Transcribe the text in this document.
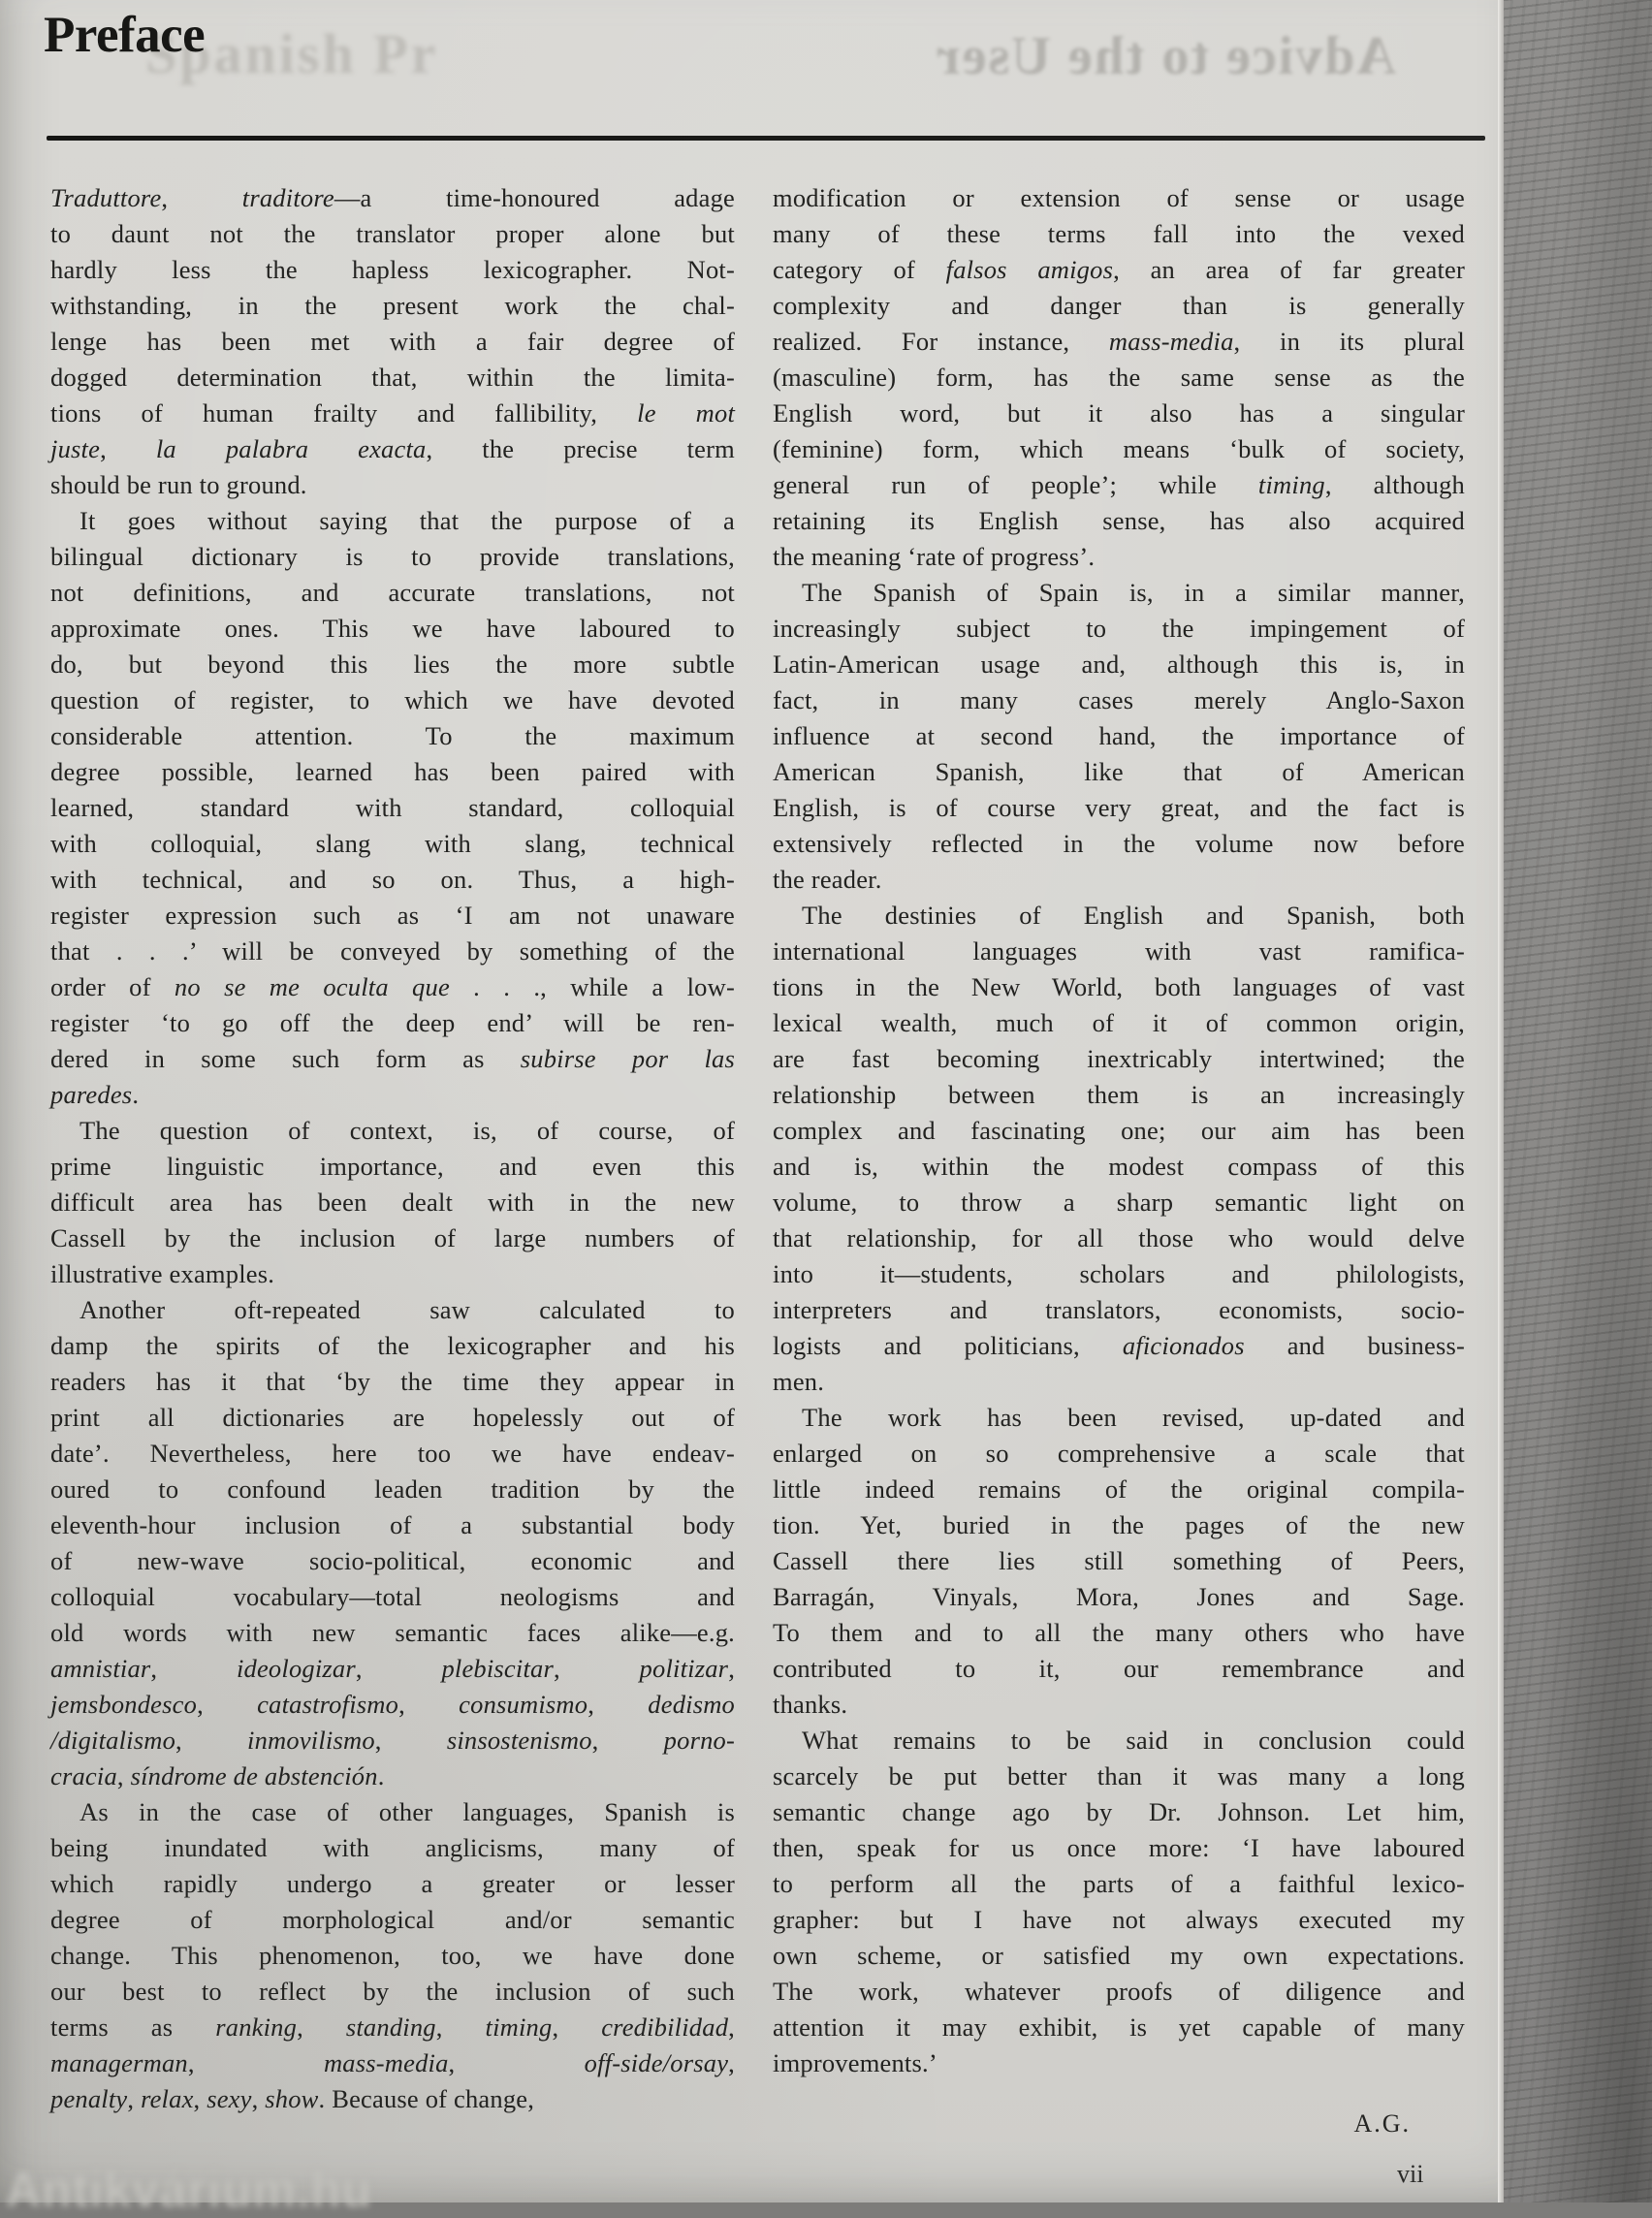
Spanish Pr	Advice to the User
Preface
Traduttore, traditore—a time-honoured adage
to daunt not the translator proper alone but
hardly less the hapless lexicographer. Not-
withstanding, in the present work the chal-
lenge has been met with a fair degree of
dogged determination that, within the limita-
tions of human frailty and fallibility, le mot
juste, la palabra exacta, the precise term
should be run to ground.
It goes without saying that the purpose of a
bilingual dictionary is to provide translations,
not definitions, and accurate translations, not
approximate ones. This we have laboured to
do, but beyond this lies the more subtle
question of register, to which we have devoted
considerable attention. To the maximum
degree possible, learned has been paired with
learned, standard with standard, colloquial
with colloquial, slang with slang, technical
with technical, and so on. Thus, a high-
register expression such as ‘I am not unaware
that . . .’ will be conveyed by something of the
order of no se me oculta que . . ., while a low-
register ‘to go off the deep end’ will be ren-
dered in some such form as subirse por las
paredes.
The question of context, is, of course, of
prime linguistic importance, and even this
difficult area has been dealt with in the new
Cassell by the inclusion of large numbers of
illustrative examples.
Another oft-repeated saw calculated to
damp the spirits of the lexicographer and his
readers has it that ‘by the time they appear in
print all dictionaries are hopelessly out of
date’. Nevertheless, here too we have endeav-
oured to confound leaden tradition by the
eleventh-hour inclusion of a substantial body
of new-wave socio-political, economic and
colloquial vocabulary—total neologisms and
old words with new semantic faces alike—e.g.
amnistiar, ideologizar, plebiscitar, politizar,
jemsbondesco, catastrofismo, consumismo, dedismo
/digitalismo, inmovilismo, sinsostenismo, porno-
cracia, síndrome de abstención.
As in the case of other languages, Spanish is
being inundated with anglicisms, many of
which rapidly undergo a greater or lesser
degree of morphological and/or semantic
change. This phenomenon, too, we have done
our best to reflect by the inclusion of such
terms as ranking, standing, timing, credibilidad,
managerman, mass-media, off-side/orsay,
penalty, relax, sexy, show. Because of change,
modification or extension of sense or usage
many of these terms fall into the vexed
category of falsos amigos, an area of far greater
complexity and danger than is generally
realized. For instance, mass-media, in its plural
(masculine) form, has the same sense as the
English word, but it also has a singular
(feminine) form, which means ‘bulk of society,
general run of people’; while timing, although
retaining its English sense, has also acquired
the meaning ‘rate of progress’.
The Spanish of Spain is, in a similar manner,
increasingly subject to the impingement of
Latin-American usage and, although this is, in
fact, in many cases merely Anglo-Saxon
influence at second hand, the importance of
American Spanish, like that of American
English, is of course very great, and the fact is
extensively reflected in the volume now before
the reader.
The destinies of English and Spanish, both
international languages with vast ramifica-
tions in the New World, both languages of vast
lexical wealth, much of it of common origin,
are fast becoming inextricably intertwined; the
relationship between them is an increasingly
complex and fascinating one; our aim has been
and is, within the modest compass of this
volume, to throw a sharp semantic light on
that relationship, for all those who would delve
into it—students, scholars and philologists,
interpreters and translators, economists, socio-
logists and politicians, aficionados and business-
men.
The work has been revised, up-dated and
enlarged on so comprehensive a scale that
little indeed remains of the original compila-
tion. Yet, buried in the pages of the new
Cassell there lies still something of Peers,
Barragán, Vinyals, Mora, Jones and Sage.
To them and to all the many others who have
contributed to it, our remembrance and
thanks.
What remains to be said in conclusion could
scarcely be put better than it was many a long
semantic change ago by Dr. Johnson. Let him,
then, speak for us once more: ‘I have laboured
to perform all the parts of a faithful lexico-
grapher: but I have not always executed my
own scheme, or satisfied my own expectations.
The work, whatever proofs of diligence and
attention it may exhibit, is yet capable of many
improvements.’
A.G.
vii
Antikvárium.hu
